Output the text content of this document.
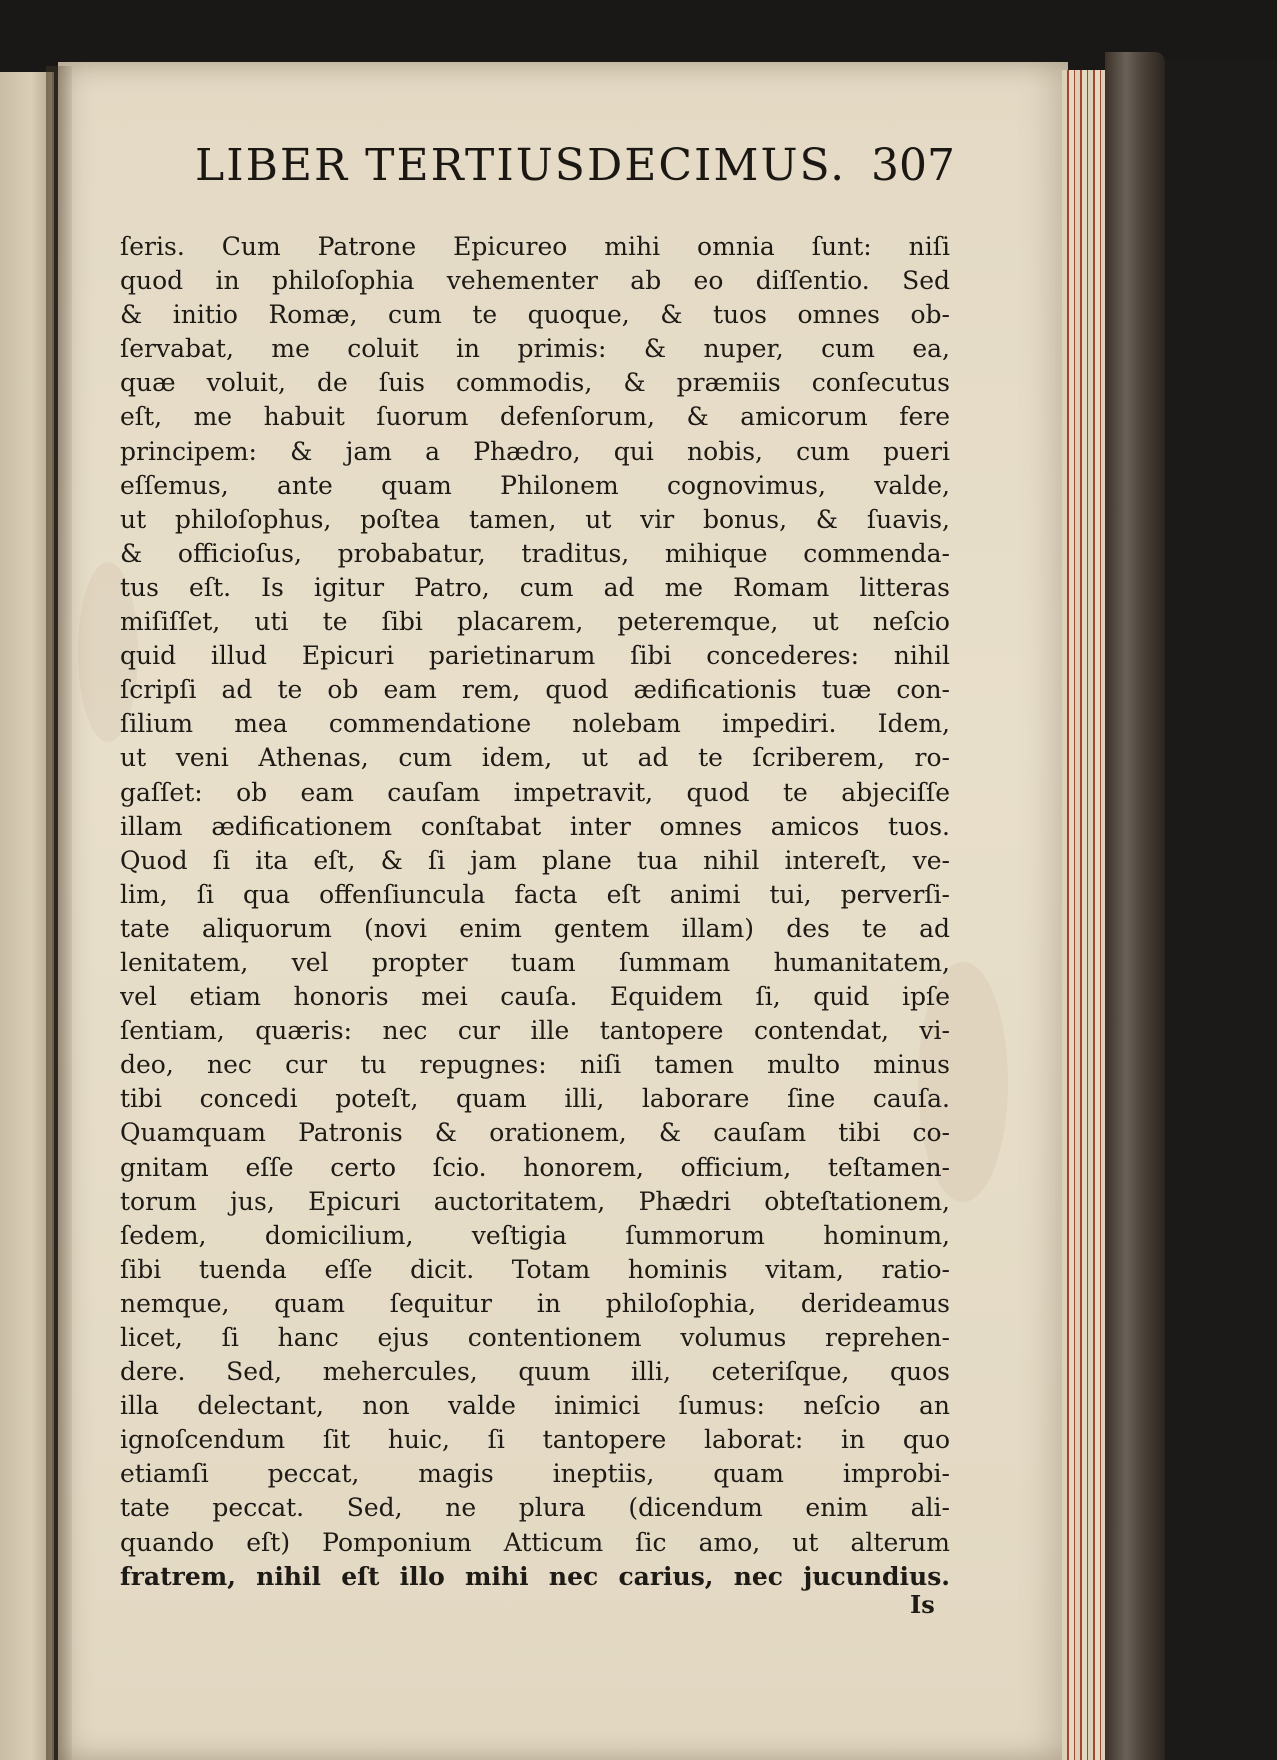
LIBER TERTIUSDECIMUS. 307
ſeris. Cum Patrone Epicureo mihi omnia ſunt: niſi
quod in philoſophia vehementer ab eo diſſentio. Sed
& initio Romæ, cum te quoque, & tuos omnes ob-
ſervabat, me coluit in primis: & nuper, cum ea,
quæ voluit, de ſuis commodis, & præmiis conſecutus
eſt, me habuit ſuorum defenſorum, & amicorum fere
principem: & jam a Phædro, qui nobis, cum pueri
eſſemus, ante quam Philonem cognovimus, valde,
ut philoſophus, poſtea tamen, ut vir bonus, & ſuavis,
& officioſus, probabatur, traditus, mihique commenda-
tus eſt. Is igitur Patro, cum ad me Romam litteras
miſiſſet, uti te ſibi placarem, peteremque, ut neſcio
quid illud Epicuri parietinarum ſibi concederes: nihil
ſcripſi ad te ob eam rem, quod ædificationis tuæ con-
ſilium mea commendatione nolebam impediri. Idem,
ut veni Athenas, cum idem, ut ad te ſcriberem, ro-
gaſſet: ob eam cauſam impetravit, quod te abjeciſſe
illam ædificationem conſtabat inter omnes amicos tuos.
Quod ſi ita eſt, & ſi jam plane tua nihil intereſt, ve-
lim, ſi qua offenſiuncula facta eſt animi tui, perverſi-
tate aliquorum (novi enim gentem illam) des te ad
lenitatem, vel propter tuam ſummam humanitatem,
vel etiam honoris mei cauſa. Equidem ſi, quid ipſe
ſentiam, quæris: nec cur ille tantopere contendat, vi-
deo, nec cur tu repugnes: niſi tamen multo minus
tibi concedi poteſt, quam illi, laborare ſine cauſa.
Quamquam Patronis & orationem, & cauſam tibi co-
gnitam eſſe certo ſcio. honorem, officium, teſtamen-
torum jus, Epicuri auctoritatem, Phædri obteſtationem,
ſedem, domicilium, veſtigia ſummorum hominum,
ſibi tuenda eſſe dicit. Totam hominis vitam, ratio-
nemque, quam ſequitur in philoſophia, derideamus
licet, ſi hanc ejus contentionem volumus reprehen-
dere. Sed, mehercules, quum illi, ceteriſque, quos
illa delectant, non valde inimici ſumus: neſcio an
ignoſcendum ſit huic, ſi tantopere laborat: in quo
etiamſi peccat, magis ineptiis, quam improbi-
tate peccat. Sed, ne plura (dicendum enim ali-
quando eſt) Pomponium Atticum ſic amo, ut alterum
fratrem, nihil eſt illo mihi nec carius, nec jucundius.
Is
